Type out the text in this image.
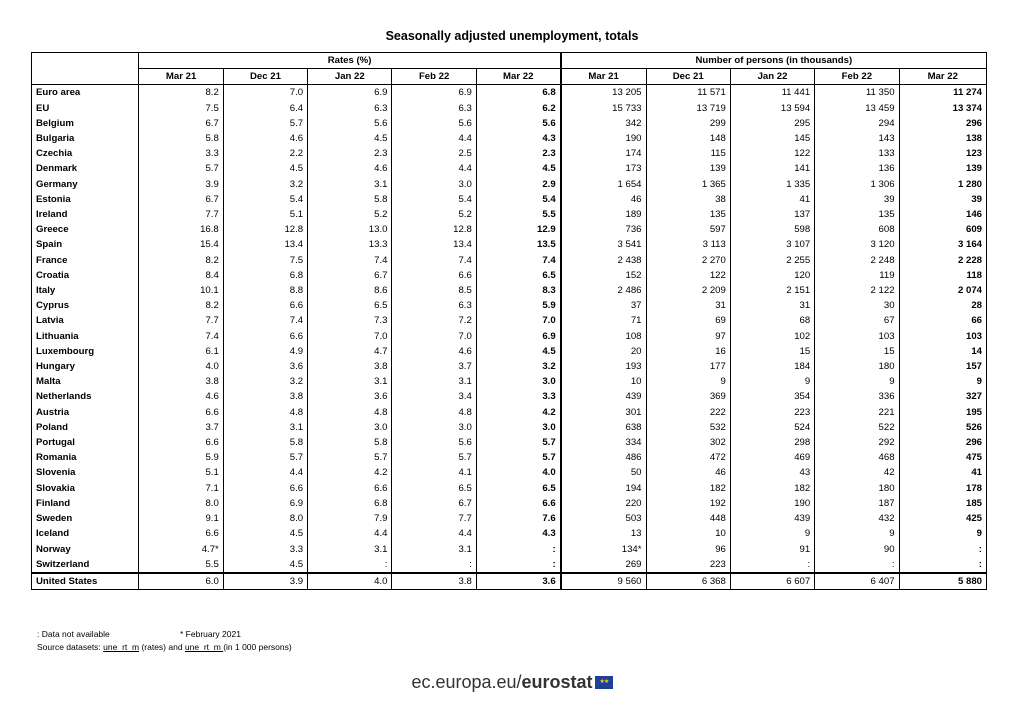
Seasonally adjusted unemployment, totals
	Rates (%)					Number of persons (in thousands)				
	Mar 21	Dec 21	Jan 22	Feb 22	Mar 22	Mar 21	Dec 21	Jan 22	Feb 22	Mar 22
Euro area	8.2	7.0	6.9	6.9	6.8	13 205	11 571	11 441	11 350	11 274
EU	7.5	6.4	6.3	6.3	6.2	15 733	13 719	13 594	13 459	13 374
Belgium	6.7	5.7	5.6	5.6	5.6	342	299	295	294	296
Bulgaria	5.8	4.6	4.5	4.4	4.3	190	148	145	143	138
Czechia	3.3	2.2	2.3	2.5	2.3	174	115	122	133	123
Denmark	5.7	4.5	4.6	4.4	4.5	173	139	141	136	139
Germany	3.9	3.2	3.1	3.0	2.9	1 654	1 365	1 335	1 306	1 280
Estonia	6.7	5.4	5.8	5.4	5.4	46	38	41	39	39
Ireland	7.7	5.1	5.2	5.2	5.5	189	135	137	135	146
Greece	16.8	12.8	13.0	12.8	12.9	736	597	598	608	609
Spain	15.4	13.4	13.3	13.4	13.5	3 541	3 113	3 107	3 120	3 164
France	8.2	7.5	7.4	7.4	7.4	2 438	2 270	2 255	2 248	2 228
Croatia	8.4	6.8	6.7	6.6	6.5	152	122	120	119	118
Italy	10.1	8.8	8.6	8.5	8.3	2 486	2 209	2 151	2 122	2 074
Cyprus	8.2	6.6	6.5	6.3	5.9	37	31	31	30	28
Latvia	7.7	7.4	7.3	7.2	7.0	71	69	68	67	66
Lithuania	7.4	6.6	7.0	7.0	6.9	108	97	102	103	103
Luxembourg	6.1	4.9	4.7	4.6	4.5	20	16	15	15	14
Hungary	4.0	3.6	3.8	3.7	3.2	193	177	184	180	157
Malta	3.8	3.2	3.1	3.1	3.0	10	9	9	9	9
Netherlands	4.6	3.8	3.6	3.4	3.3	439	369	354	336	327
Austria	6.6	4.8	4.8	4.8	4.2	301	222	223	221	195
Poland	3.7	3.1	3.0	3.0	3.0	638	532	524	522	526
Portugal	6.6	5.8	5.8	5.6	5.7	334	302	298	292	296
Romania	5.9	5.7	5.7	5.7	5.7	486	472	469	468	475
Slovenia	5.1	4.4	4.2	4.1	4.0	50	46	43	42	41
Slovakia	7.1	6.6	6.6	6.5	6.5	194	182	182	180	178
Finland	8.0	6.9	6.8	6.7	6.6	220	192	190	187	185
Sweden	9.1	8.0	7.9	7.7	7.6	503	448	439	432	425
Iceland	6.6	4.5	4.4	4.4	4.3	13	10	9	9	9
Norway	4.7*	3.3	3.1	3.1	:	134*	96	91	90	:
Switzerland	5.5	4.5	:	:	:	269	223	:	:	:
United States	6.0	3.9	4.0	3.8	3.6	9 560	6 368	6 607	6 407	5 880
: Data not available	* February 2021
Source datasets: une_rt_m (rates) and une_rt_m (in 1 000 persons)
ec.europa.eu/eurostat ★★
